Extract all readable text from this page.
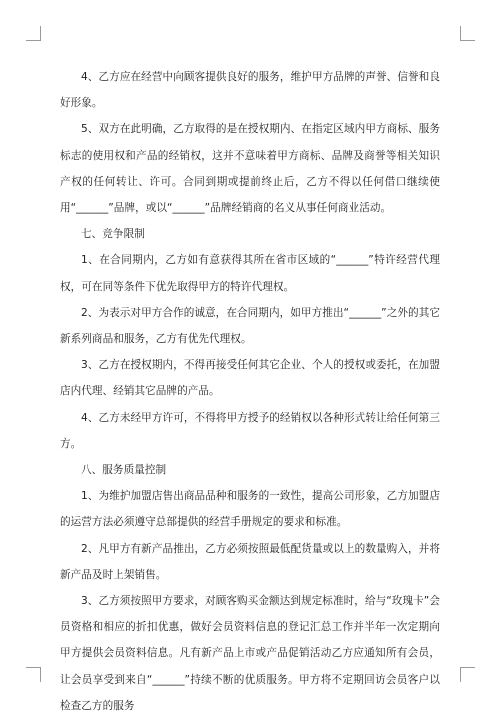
4、乙方应在经营中向顾客提供良好的服务，维护甲方品牌的声誉、信誉和良好形象。

5、双方在此明确，乙方取得的是在授权期内、在指定区域内甲方商标、服务标志的使用权和产品的经销权，这并不意味着甲方商标、品牌及商誉等相关知识产权的任何转让、许可。合同到期或提前终止后，乙方不得以任何借口继续使用“______”品牌，或以“______”品牌经销商的名义从事任何商业活动。

七、竞争限制

1、在合同期内，乙方如有意获得其所在省市区域的“______”特许经营代理权，可在同等条件下优先取得甲方的特许代理权。

2、为表示对甲方合作的诚意，在合同期内，如甲方推出“______”之外的其它新系列商品和服务，乙方有优先代理权。

3、乙方在授权期内，不得再接受任何其它企业、个人的授权或委托，在加盟店内代理、经销其它品牌的产品。

4、乙方未经甲方许可，不得将甲方授予的经销权以各种形式转让给任何第三方。

八、服务质量控制

1、为维护加盟店售出商品品种和服务的一致性，提高公司形象，乙方加盟店的运营方法必须遵守总部提供的经营手册规定的要求和标准。

2、凡甲方有新产品推出，乙方必须按照最低配货量或以上的数量购入，并将新产品及时上架销售。

3、乙方须按照甲方要求，对顾客购买金额达到规定标准时，给与“玫瑰卡”会员资格和相应的折扣优惠，做好会员资料信息的登记汇总工作并半年一次定期向甲方提供会员资料信息。凡有新产品上市或产品促销活动乙方应通知所有会员，让会员享受到来自“______”持续不断的优质服务。甲方将不定期回访会员客户以检查乙方的服务
